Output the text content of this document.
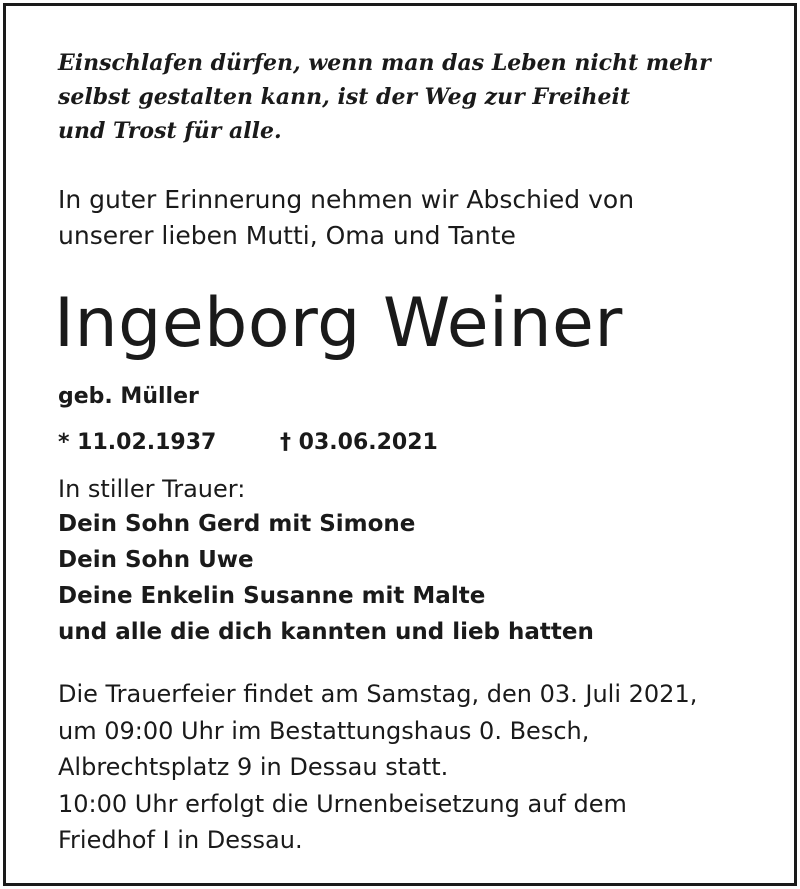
Einschlafen dürfen, wenn man das Leben nicht mehr
selbst gestalten kann, ist der Weg zur Freiheit
und Trost für alle.
In guter Erinnerung nehmen wir Abschied von
unserer lieben Mutti, Oma und Tante
Ingeborg Weiner
geb. Müller
* 11.02.1937	† 03.06.2021
In stiller Trauer:
Dein Sohn Gerd mit Simone
Dein Sohn Uwe
Deine Enkelin Susanne mit Malte
und alle die dich kannten und lieb hatten
Die Trauerfeier findet am Samstag, den 03. Juli 2021,
um 09:00 Uhr im Bestattungshaus 0. Besch,
Albrechtsplatz 9 in Dessau statt.
10:00 Uhr erfolgt die Urnenbeisetzung auf dem
Friedhof I in Dessau.
